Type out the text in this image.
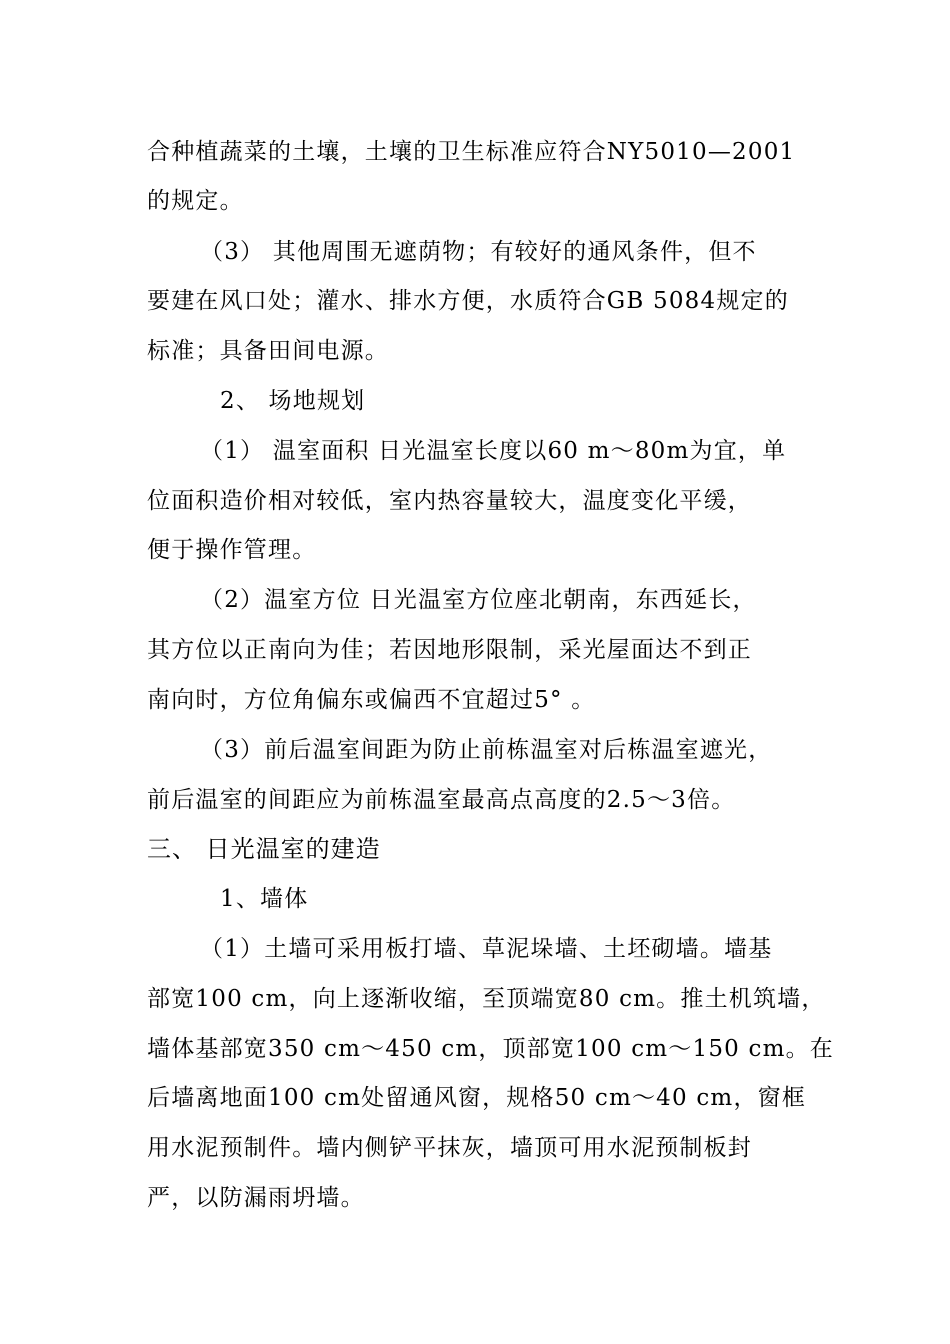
合种植蔬菜的土壤，土壤的卫生标准应符合NY5010—2001
的规定。
（3） 其他周围无遮荫物；有较好的通风条件，但不
要建在风口处；灌水、排水方便，水质符合GB 5084规定的
标准；具备田间电源。
2、 场地规划
（1） 温室面积 日光温室长度以60 m～80m为宜，单
位面积造价相对较低，室内热容量较大，温度变化平缓，
便于操作管理。
（2）温室方位 日光温室方位座北朝南，东西延长，
其方位以正南向为佳；若因地形限制，采光屋面达不到正
南向时，方位角偏东或偏西不宜超过5° 。
（3）前后温室间距为防止前栋温室对后栋温室遮光，
前后温室的间距应为前栋温室最高点高度的2.5～3倍。
三、 日光温室的建造
1、墙体
（1）土墙可采用板打墙、草泥垛墙、土坯砌墙。墙基
部宽100 cm，向上逐渐收缩，至顶端宽80 cm。推土机筑墙，
墙体基部宽350 cm～450 cm，顶部宽100 cm～150 cm。在
后墙离地面100 cm处留通风窗，规格50 cm～40 cm，窗框
用水泥预制件。墙内侧铲平抹灰，墙顶可用水泥预制板封
严，以防漏雨坍墙。
